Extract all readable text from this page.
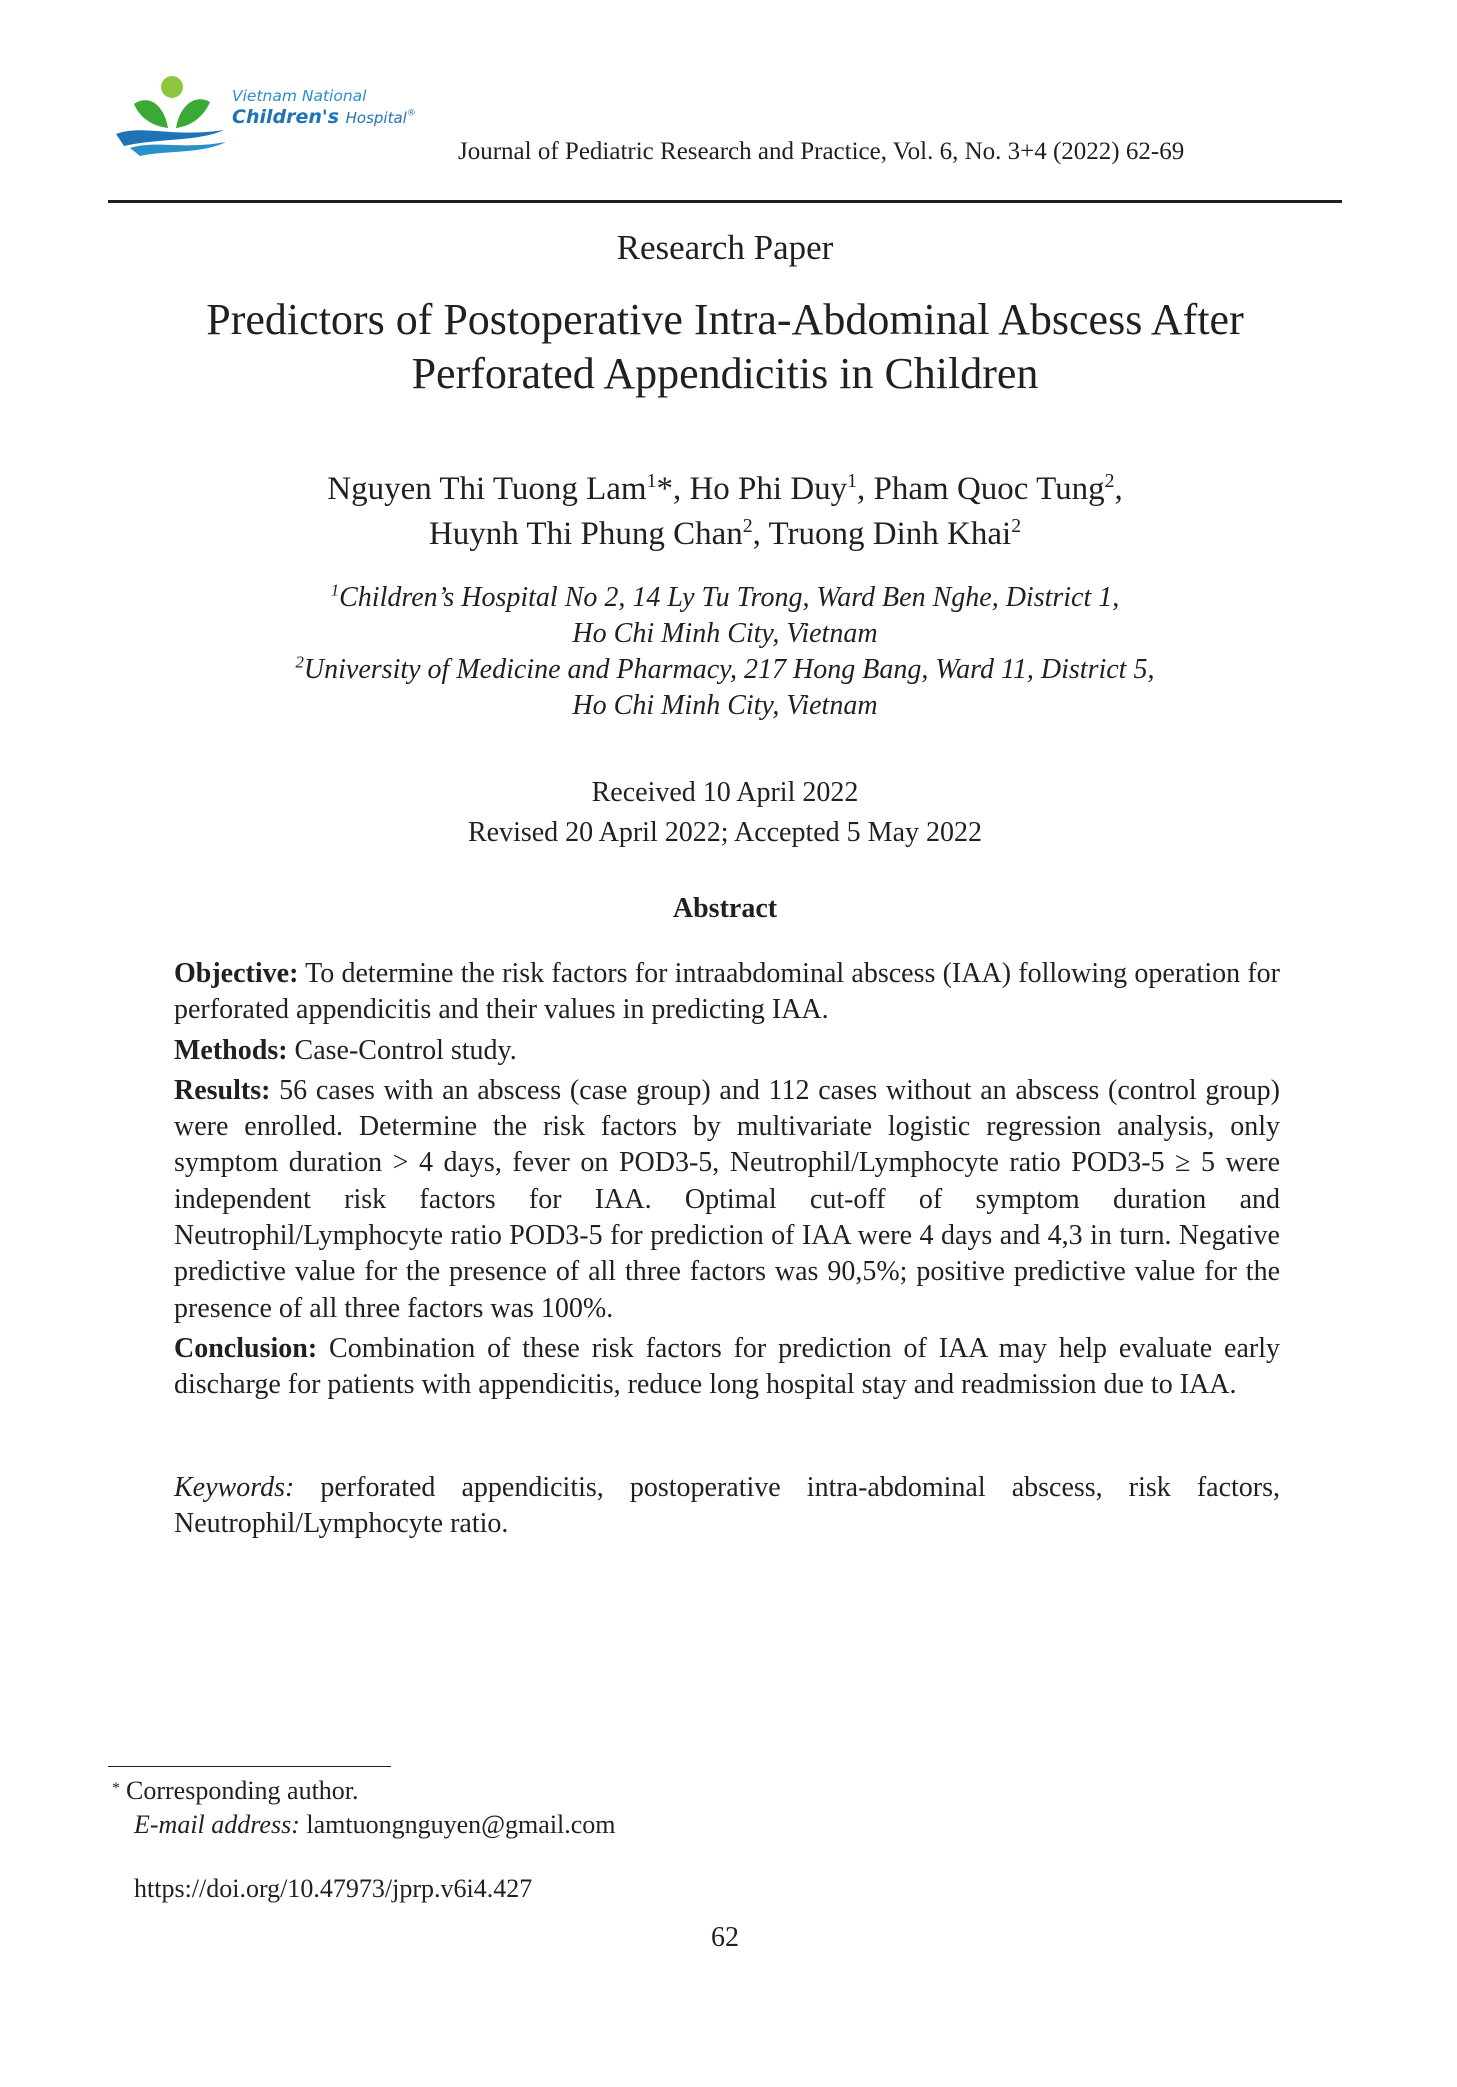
Vietnam National
Children's Hospital®
Journal of Pediatric Research and Practice, Vol. 6, No. 3+4 (2022) 62-69
Research Paper
Predictors of Postoperative Intra-Abdominal Abscess After
Perforated Appendicitis in Children
Nguyen Thi Tuong Lam$^1$*, Ho Phi Duy$^1$, Pham Quoc Tung$^2$,
Huynh Thi Phung Chan$^2$, Truong Dinh Khai$^2$
$^1$Children’s Hospital No 2, 14 Ly Tu Trong, Ward Ben Nghe, District 1,
Ho Chi Minh City, Vietnam
$^2$University of Medicine and Pharmacy, 217 Hong Bang, Ward 11, District 5,
Ho Chi Minh City, Vietnam
Received 10 April 2022
Revised 20 April 2022; Accepted 5 May 2022
Abstract

Objective: To determine the risk factors for intraabdominal abscess (IAA) following operation for perforated appendicitis and their values in predicting IAA.

Methods: Case-Control study.

Results: 56 cases with an abscess (case group) and 112 cases without an abscess (control group) were enrolled. Determine the risk factors by multivariate logistic regression analysis, only symptom duration > 4 days, fever on POD3-5, Neutrophil/Lymphocyte ratio POD3-5 ≥ 5 were independent risk factors for IAA. Optimal cut-off of symptom duration and Neutrophil/Lymphocyte ratio POD3-5 for prediction of IAA were 4 days and 4,3 in turn. Negative predictive value for the presence of all three factors was 90,5%; positive predictive value for the presence of all three factors was 100%.

Conclusion: Combination of these risk factors for prediction of IAA may help evaluate early discharge for patients with appendicitis, reduce long hospital stay and readmission due to IAA.

Keywords: perforated appendicitis, postoperative intra-abdominal abscess, risk factors, Neutrophil/Lymphocyte ratio.
* Corresponding author.
E-mail address: lamtuongnguyen@gmail.com
https://doi.org/10.47973/jprp.v6i4.427
62
